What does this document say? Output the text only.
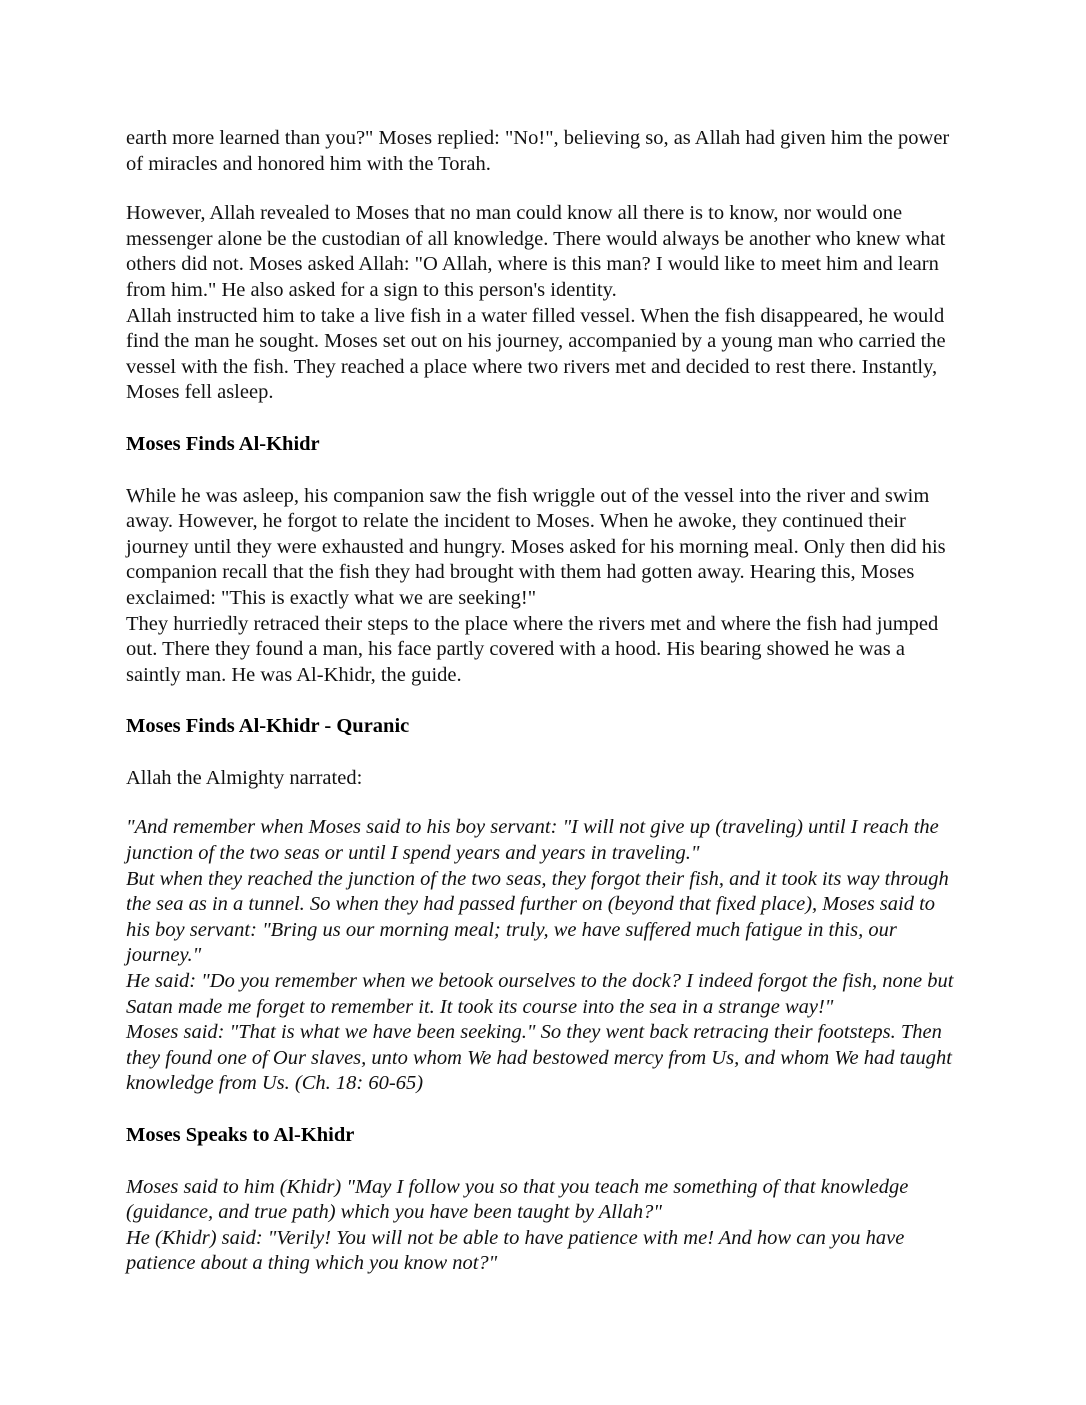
earth more learned than you?" Moses replied: "No!", believing so, as Allah had given him the power of miracles and honored him with the Torah.

However, Allah revealed to Moses that no man could know all there is to know, nor would one messenger alone be the custodian of all knowledge. There would always be another who knew what others did not. Moses asked Allah: "O Allah, where is this man? I would like to meet him and learn from him." He also asked for a sign to this person's identity.

Allah instructed him to take a live fish in a water filled vessel. When the fish disappeared, he would find the man he sought. Moses set out on his journey, accompanied by a young man who carried the vessel with the fish. They reached a place where two rivers met and decided to rest there. Instantly, Moses fell asleep.

Moses Finds Al-Khidr

While he was asleep, his companion saw the fish wriggle out of the vessel into the river and swim away. However, he forgot to relate the incident to Moses. When he awoke, they continued their journey until they were exhausted and hungry. Moses asked for his morning meal. Only then did his companion recall that the fish they had brought with them had gotten away. Hearing this, Moses exclaimed: "This is exactly what we are seeking!"

They hurriedly retraced their steps to the place where the rivers met and where the fish had jumped out. There they found a man, his face partly covered with a hood. His bearing showed he was a saintly man. He was Al-Khidr, the guide.

Moses Finds Al-Khidr - Quranic

Allah the Almighty narrated:

"And remember when Moses said to his boy servant: "I will not give up (traveling) until I reach the junction of the two seas or until I spend years and years in traveling."

But when they reached the junction of the two seas, they forgot their fish, and it took its way through the sea as in a tunnel. So when they had passed further on (beyond that fixed place), Moses said to his boy servant: "Bring us our morning meal; truly, we have suffered much fatigue in this, our journey."

He said: "Do you remember when we betook ourselves to the dock? I indeed forgot the fish, none but Satan made me forget to remember it. It took its course into the sea in a strange way!"

Moses said: "That is what we have been seeking." So they went back retracing their footsteps. Then they found one of Our slaves, unto whom We had bestowed mercy from Us, and whom We had taught knowledge from Us. (Ch. 18: 60-65)

Moses Speaks to Al-Khidr

Moses said to him (Khidr) "May I follow you so that you teach me something of that knowledge (guidance, and true path) which you have been taught by Allah?"

He (Khidr) said: "Verily! You will not be able to have patience with me! And how can you have patience about a thing which you know not?"
